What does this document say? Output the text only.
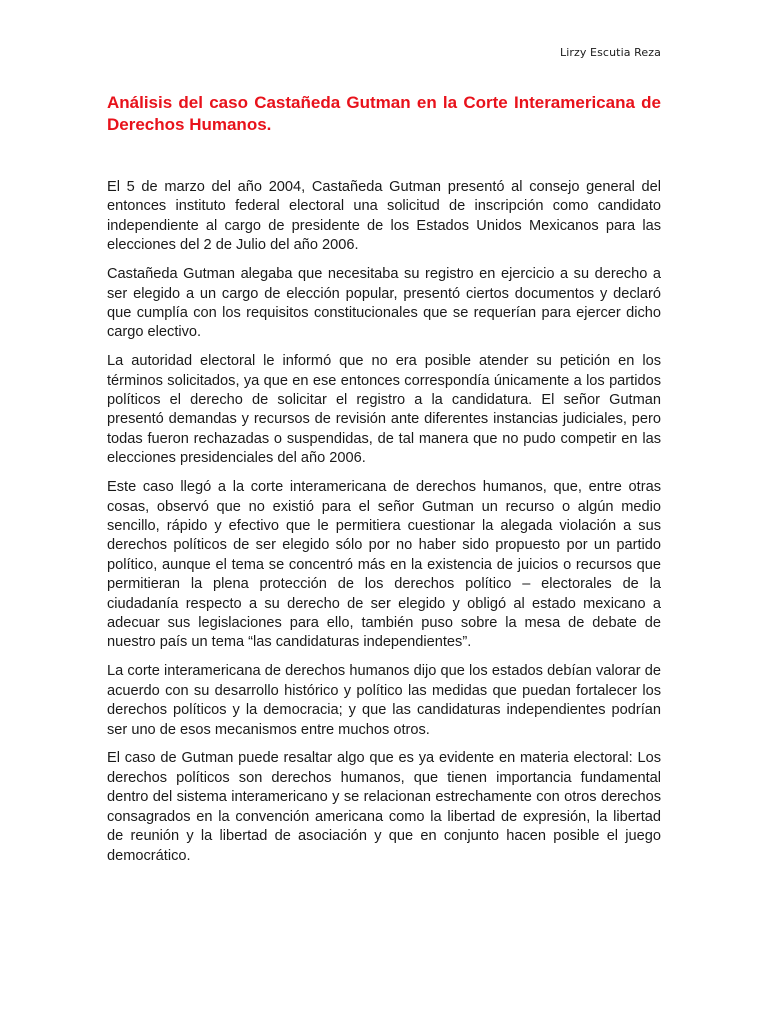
Lirzy Escutia Reza
Análisis del caso Castañeda Gutman en la Corte Interamericana de Derechos Humanos.

El 5 de marzo del año 2004, Castañeda Gutman presentó al consejo general del entonces instituto federal electoral una solicitud de inscripción como candidato independiente al cargo de presidente de los Estados Unidos Mexicanos para las elecciones del 2 de Julio del año 2006.

Castañeda Gutman alegaba que necesitaba su registro en ejercicio a su derecho a ser elegido a un cargo de elección popular, presentó ciertos documentos y declaró que cumplía con los requisitos constitucionales que se requerían para ejercer dicho cargo electivo.

La autoridad electoral le informó que no era posible atender su petición en los términos solicitados, ya que en ese entonces correspondía únicamente a los partidos políticos el derecho de solicitar el registro a la candidatura. El señor Gutman presentó demandas y recursos de revisión ante diferentes instancias judiciales, pero todas fueron rechazadas o suspendidas, de tal manera que no pudo competir en las elecciones presidenciales del año 2006.

Este caso llegó a la corte interamericana de derechos humanos, que, entre otras cosas, observó que no existió para el señor Gutman un recurso o algún medio sencillo, rápido y efectivo que le permitiera cuestionar la alegada violación a sus derechos políticos de ser elegido sólo por no haber sido propuesto por un partido político, aunque el tema se concentró más en la existencia de juicios o recursos que permitieran la plena protección de los derechos político – electorales de la ciudadanía respecto a su derecho de ser elegido y obligó al estado mexicano a adecuar sus legislaciones para ello, también puso sobre la mesa de debate de nuestro país un tema “las candidaturas independientes”.

La corte interamericana de derechos humanos dijo que los estados debían valorar de acuerdo con su desarrollo histórico y político las medidas que puedan fortalecer los derechos políticos y la democracia; y que las candidaturas independientes podrían ser uno de esos mecanismos entre muchos otros.

El caso de Gutman puede resaltar algo que es ya evidente en materia electoral: Los derechos políticos son derechos humanos, que tienen importancia fundamental dentro del sistema interamericano y se relacionan estrechamente con otros derechos consagrados en la convención americana como la libertad de expresión, la libertad de reunión y la libertad de asociación y que en conjunto hacen posible el juego democrático.
